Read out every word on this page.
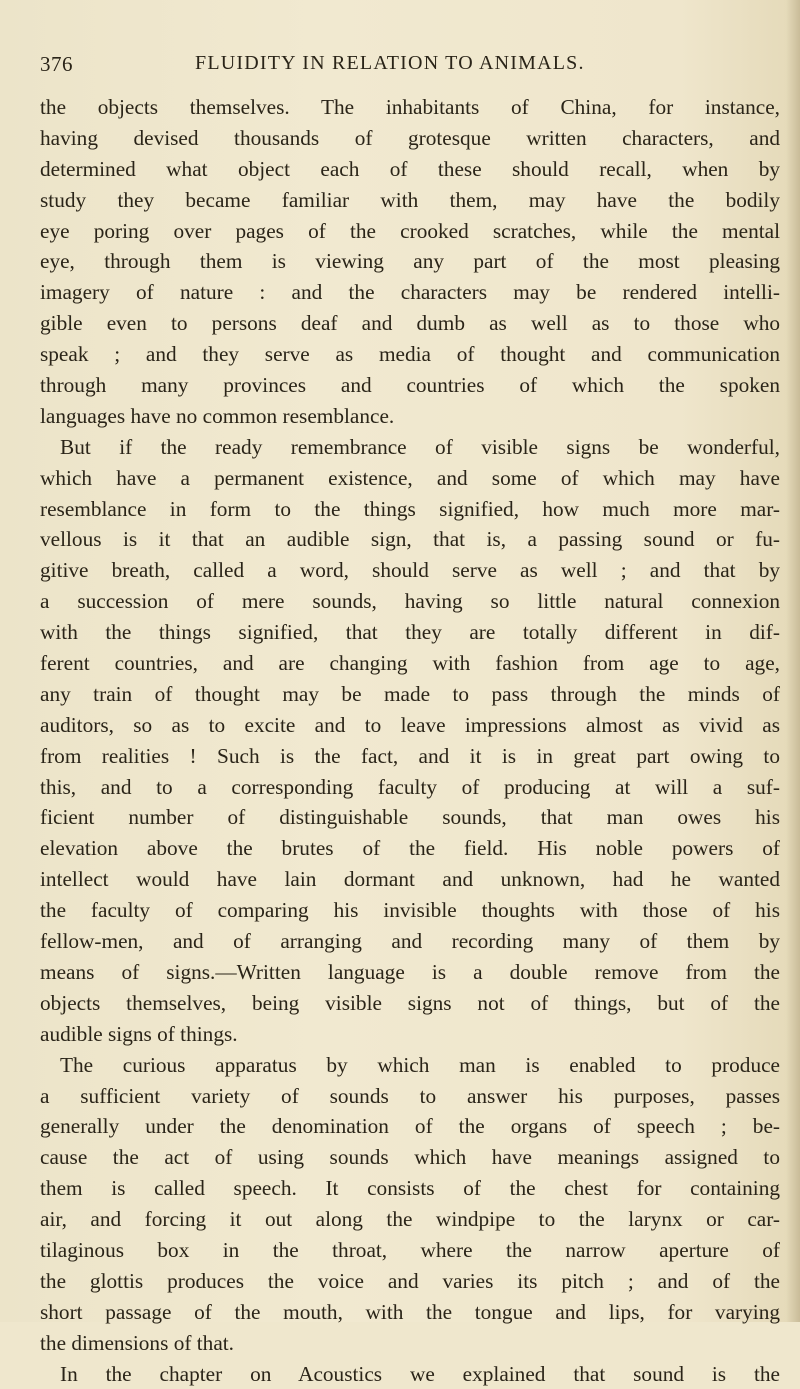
376	FLUIDITY IN RELATION TO ANIMALS.
the objects themselves. The inhabitants of China, for instance,
having devised thousands of grotesque written characters, and
determined what object each of these should recall, when by
study they became familiar with them, may have the bodily
eye poring over pages of the crooked scratches, while the mental
eye, through them is viewing any part of the most pleasing
imagery of nature : and the characters may be rendered intelli-
gible even to persons deaf and dumb as well as to those who
speak ; and they serve as media of thought and communication
through many provinces and countries of which the spoken
languages have no common resemblance.
But if the ready remembrance of visible signs be wonderful,
which have a permanent existence, and some of which may have
resemblance in form to the things signified, how much more mar-
vellous is it that an audible sign, that is, a passing sound or fu-
gitive breath, called a word, should serve as well ; and that by
a succession of mere sounds, having so little natural connexion
with the things signified, that they are totally different in dif-
ferent countries, and are changing with fashion from age to age,
any train of thought may be made to pass through the minds of
auditors, so as to excite and to leave impressions almost as vivid as
from realities ! Such is the fact, and it is in great part owing to
this, and to a corresponding faculty of producing at will a suf-
ficient number of distinguishable sounds, that man owes his
elevation above the brutes of the field. His noble powers of
intellect would have lain dormant and unknown, had he wanted
the faculty of comparing his invisible thoughts with those of his
fellow-men, and of arranging and recording many of them by
means of signs.—Written language is a double remove from the
objects themselves, being visible signs not of things, but of the
audible signs of things.
The curious apparatus by which man is enabled to produce
a sufficient variety of sounds to answer his purposes, passes
generally under the denomination of the organs of speech ; be-
cause the act of using sounds which have meanings assigned to
them is called speech. It consists of the chest for containing
air, and forcing it out along the windpipe to the larynx or car-
tilaginous box in the throat, where the narrow aperture of
the glottis produces the voice and varies its pitch ; and of the
short passage of the mouth, with the tongue and lips, for varying
the dimensions of that.
In the chapter on Acoustics we explained that sound is the
